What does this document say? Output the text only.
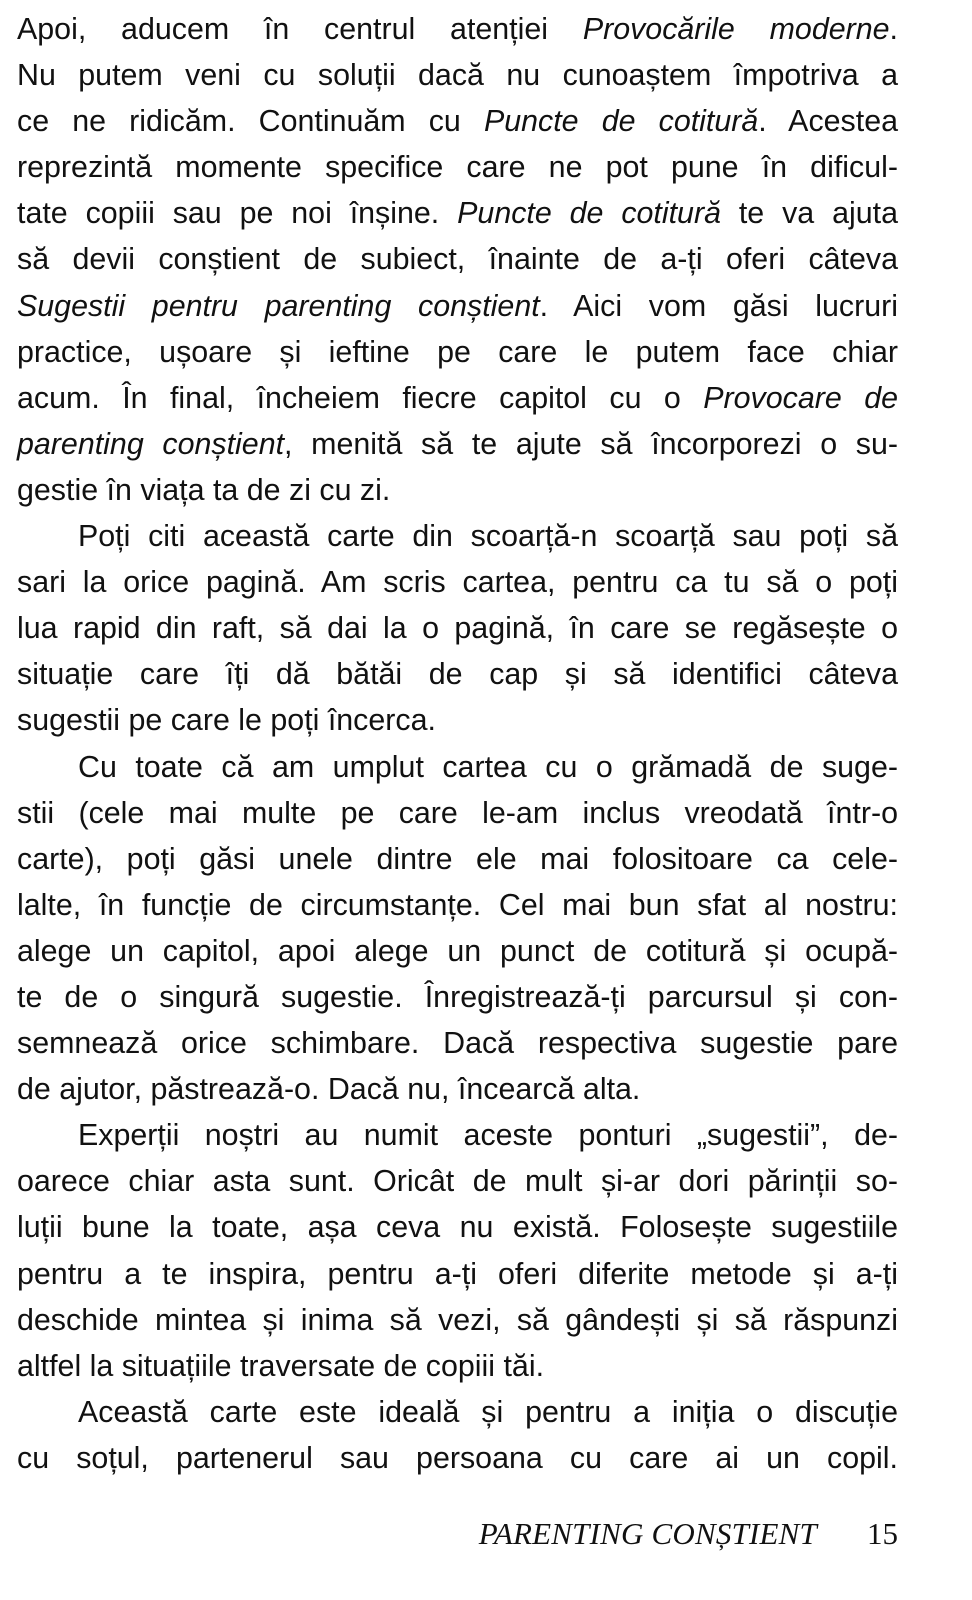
Apoi, aducem în centrul atenției Provocările moderne.
Nu putem veni cu soluții dacă nu cunoaștem împotriva a
ce ne ridicăm. Continuăm cu Puncte de cotitură. Acestea
reprezintă momente specifice care ne pot pune în dificul-
tate copiii sau pe noi înșine. Puncte de cotitură te va ajuta
să devii conștient de subiect, înainte de a-ți oferi câteva
Sugestii pentru parenting conștient. Aici vom găsi lucruri
practice, ușoare și ieftine pe care le putem face chiar
acum. În final, încheiem fiecre capitol cu o Provocare de
parenting conștient, menită să te ajute să încorporezi o su-
gestie în viața ta de zi cu zi.
Poți citi această carte din scoarță-n scoarță sau poți să
sari la orice pagină. Am scris cartea, pentru ca tu să o poți
lua rapid din raft, să dai la o pagină, în care se regăsește o
situație care îți dă bătăi de cap și să identifici câteva
sugestii pe care le poți încerca.
Cu toate că am umplut cartea cu o grămadă de suge-
stii (cele mai multe pe care le-am inclus vreodată într-o
carte), poți găsi unele dintre ele mai folositoare ca cele-
lalte, în funcție de circumstanțe. Cel mai bun sfat al nostru:
alege un capitol, apoi alege un punct de cotitură și ocupă-
te de o singură sugestie. Înregistrează-ți parcursul și con-
semnează orice schimbare. Dacă respectiva sugestie pare
de ajutor, păstrează-o. Dacă nu, încearcă alta.
Experții noștri au numit aceste ponturi „sugestii”, de-
oarece chiar asta sunt. Oricât de mult și-ar dori părinții so-
luții bune la toate, așa ceva nu există. Folosește sugestiile
pentru a te inspira, pentru a-ți oferi diferite metode și a-ți
deschide mintea și inima să vezi, să gândești și să răspunzi
altfel la situațiile traversate de copiii tăi.
Această carte este ideală și pentru a iniția o discuție
cu soțul, partenerul sau persoana cu care ai un copil.
PARENTING CONȘTIENT 15
